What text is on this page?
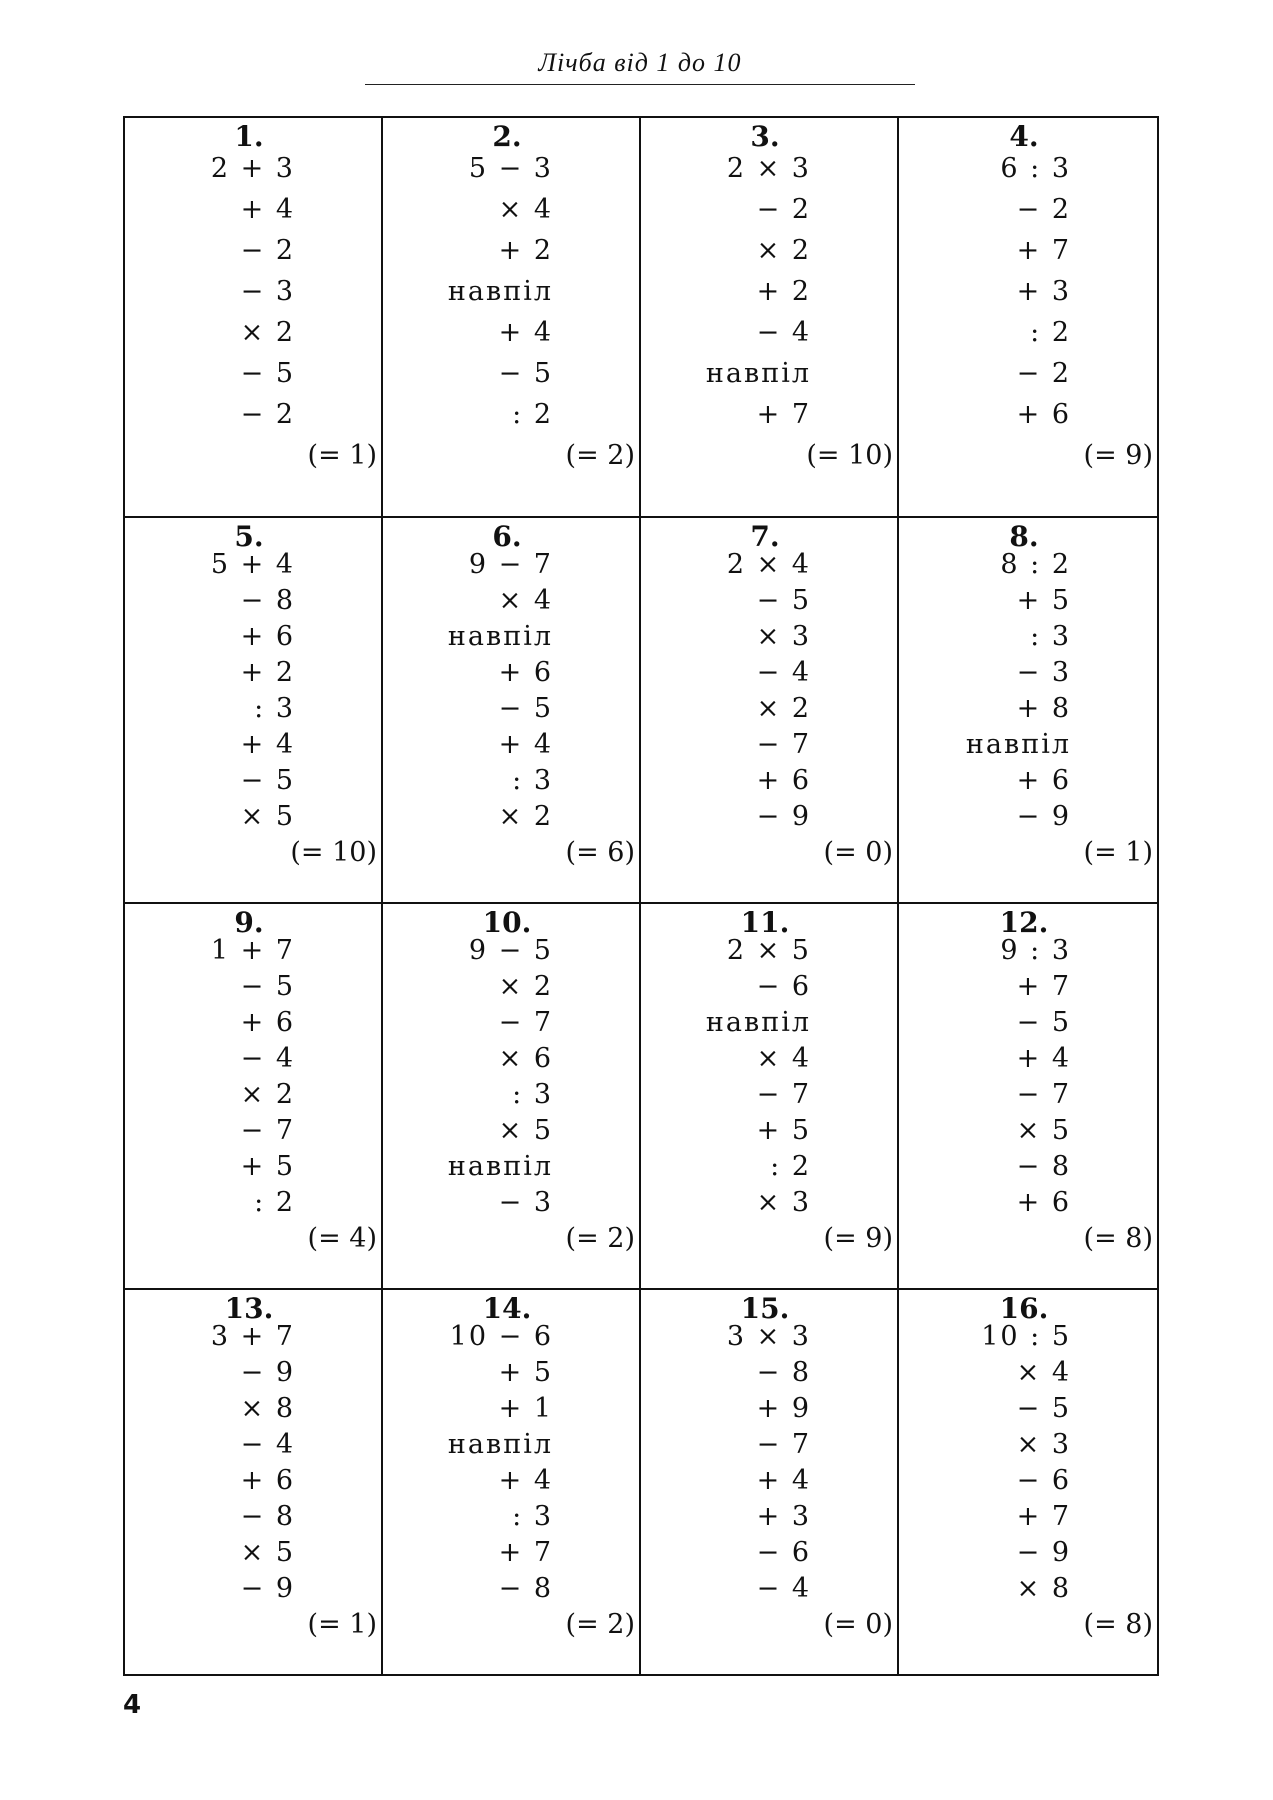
Лічба від 1 до 10
1.
2 + 3
+ 4
− 2
− 3
× 2
− 5
− 2
(= 1)
2.
5 − 3
× 4
+ 2
навпіл
+ 4
− 5
: 2
(= 2)
3.
2 × 3
− 2
× 2
+ 2
− 4
навпіл
+ 7
(= 10)
4.
6 : 3
− 2
+ 7
+ 3
: 2
− 2
+ 6
(= 9)
5.
5 + 4
− 8
+ 6
+ 2
: 3
+ 4
− 5
× 5
(= 10)
6.
9 − 7
× 4
навпіл
+ 6
− 5
+ 4
: 3
× 2
(= 6)
7.
2 × 4
− 5
× 3
− 4
× 2
− 7
+ 6
− 9
(= 0)
8.
8 : 2
+ 5
: 3
− 3
+ 8
навпіл
+ 6
− 9
(= 1)
9.
1 + 7
− 5
+ 6
− 4
× 2
− 7
+ 5
: 2
(= 4)
10.
9 − 5
× 2
− 7
× 6
: 3
× 5
навпіл
− 3
(= 2)
11.
2 × 5
− 6
навпіл
× 4
− 7
+ 5
: 2
× 3
(= 9)
12.
9 : 3
+ 7
− 5
+ 4
− 7
× 5
− 8
+ 6
(= 8)
13.
3 + 7
− 9
× 8
− 4
+ 6
− 8
× 5
− 9
(= 1)
14.
10 − 6
+ 5
+ 1
навпіл
+ 4
: 3
+ 7
− 8
(= 2)
15.
3 × 3
− 8
+ 9
− 7
+ 4
+ 3
− 6
− 4
(= 0)
16.
10 : 5
× 4
− 5
× 3
− 6
+ 7
− 9
× 8
(= 8)
4
